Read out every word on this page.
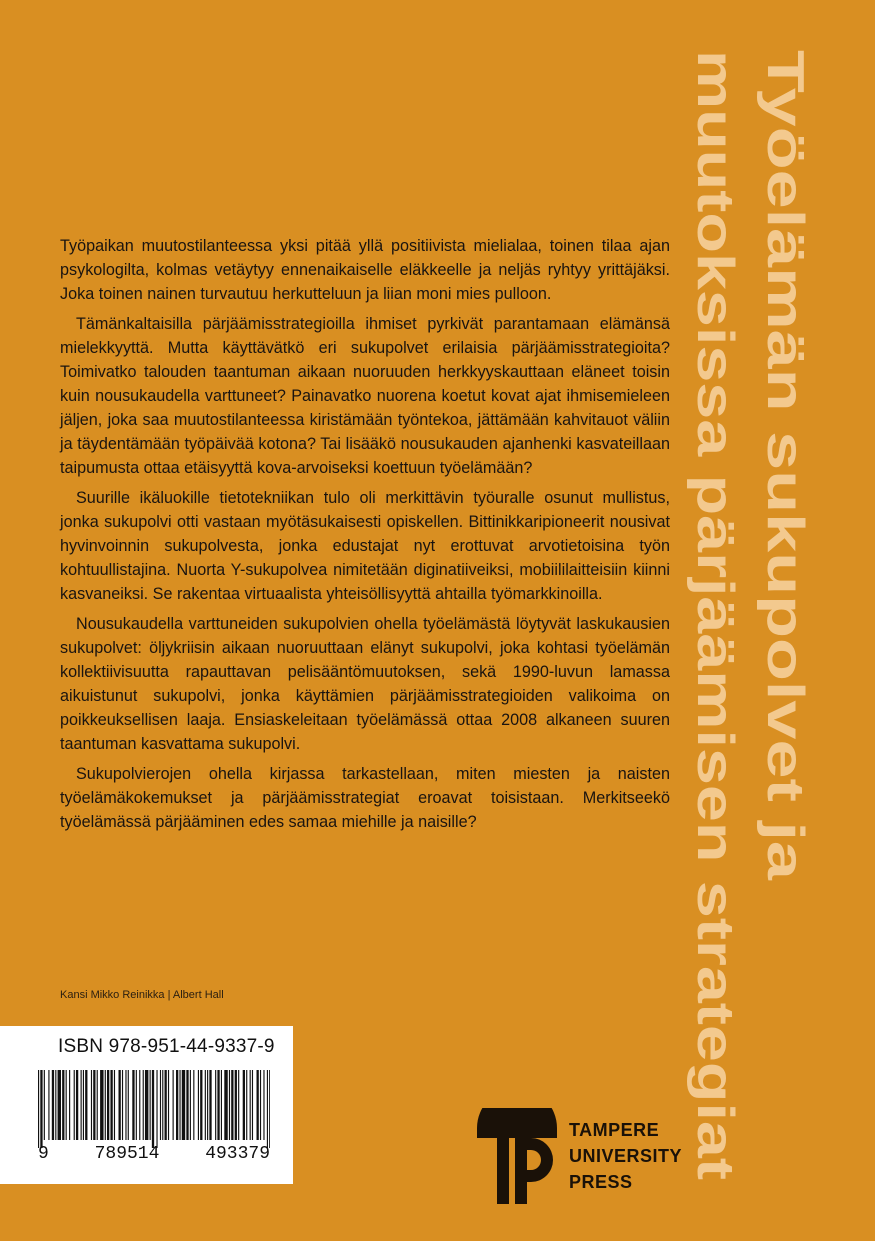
Työelämän sukupolvet ja
muutoksissa pärjäämisen strategiat

Työpaikan muutostilanteessa yksi pitää yllä positiivista mielialaa, toinen tilaa ajan psykologilta, kolmas vetäytyy ennenaikaiselle eläkkeelle ja neljäs ryhtyy yrittäjäksi. Joka toinen nainen turvautuu herkutteluun ja liian moni mies pulloon.

Tämänkaltaisilla pärjäämisstrategioilla ihmiset pyrkivät parantamaan elämänsä mielekkyyttä. Mutta käyttävätkö eri sukupolvet erilaisia pärjäämisstrategioita? Toimivatko talouden taantuman aikaan nuoruuden herkkyyskauttaan eläneet toisin kuin nousukaudella varttuneet? Painavatko nuorena koetut kovat ajat ihmisemieleen jäljen, joka saa muutostilanteessa kiristämään työntekoa, jättämään kahvitauot väliin ja täydentämään työpäivää kotona? Tai lisääkö nousukauden ajanhenki kasvateillaan taipumusta ottaa etäisyyttä kova-arvoiseksi koettuun työelämään?

Suurille ikäluokille tietotekniikan tulo oli merkittävin työuralle osunut mullistus, jonka sukupolvi otti vastaan myötäsukaisesti opiskellen. Bittinikkaripioneerit nousivat hyvinvoinnin sukupolvesta, jonka edustajat nyt erottuvat arvotietoisina työn kohtuullistajina. Nuorta Y-sukupolvea nimitetään diginatiiveiksi, mobiililaitteisiin kiinni kasvaneiksi. Se rakentaa virtuaalista yhteisöllisyyttä ahtailla työmarkkinoilla.

Nousukaudella varttuneiden sukupolvien ohella työelämästä löytyvät laskukausien sukupolvet: öljykriisin aikaan nuoruuttaan elänyt sukupolvi, joka kohtasi työelämän kollektiivisuutta rapauttavan pelisääntömuutoksen, sekä 1990-luvun lamassa aikuistunut sukupolvi, jonka käyttämien pärjäämisstrategioiden valikoima on poikkeuksellisen laaja. Ensiaskeleitaan työelämässä ottaa 2008 alkaneen suuren taantuman kasvattama sukupolvi.

Sukupolvierojen ohella kirjassa tarkastellaan, miten miesten ja naisten työelämäkokemukset ja pärjäämisstrategiat eroavat toisistaan. Merkitseekö työelämässä pärjääminen edes samaa miehille ja naisille?

Kansi Mikko Reinikka | Albert Hall
ISBN 978-951-44-9337-9
9	789514	493379
TAMPERE
UNIVERSITY
PRESS
